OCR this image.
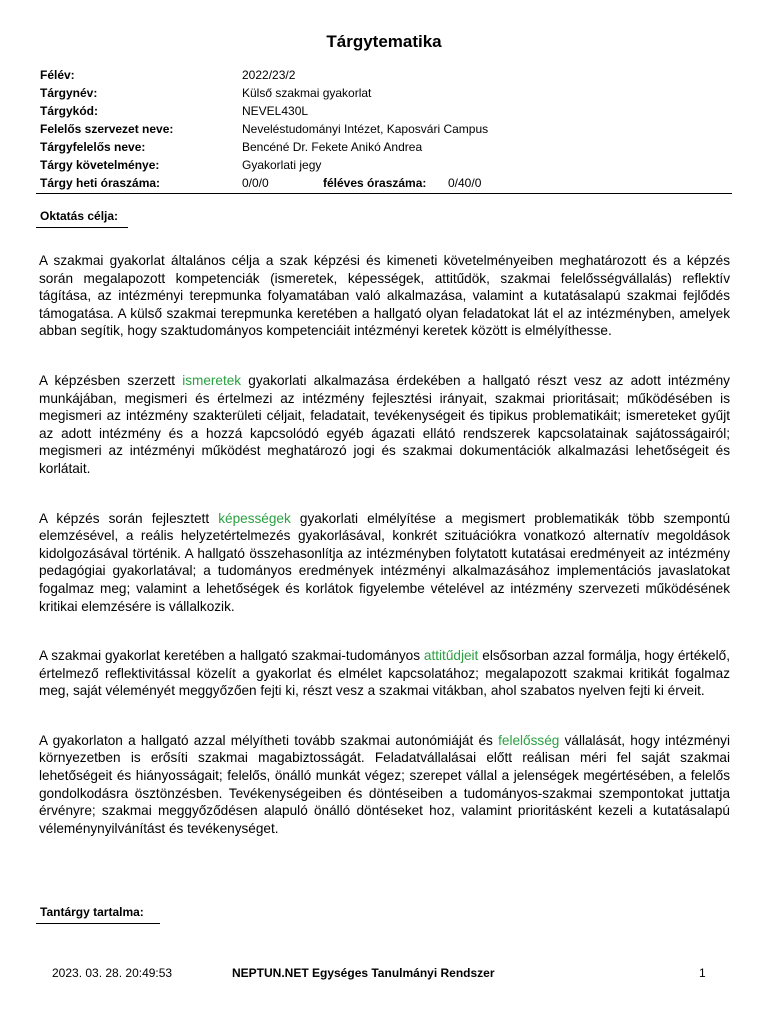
Tárgytematika
Félév:	2022/23/2
Tárgynév:	Külső szakmai gyakorlat
Tárgykód:	NEVEL430L
Felelős szervezet neve:	Neveléstudományi Intézet, Kaposvári Campus
Tárgyfelelős neve:	Bencéné Dr. Fekete Anikó Andrea
Tárgy követelménye:	Gyakorlati jegy
Tárgy heti óraszáma:	0/0/0	féléves óraszáma: 0/40/0
Oktatás célja:

A szakmai gyakorlat általános célja a szak képzési és kimeneti követelményeiben meghatározott és a képzés során megalapozott kompetenciák (ismeretek, képességek, attitűdök, szakmai felelősségvállalás) reflektív tágítása, az intézményi terepmunka folyamatában való alkalmazása, valamint a kutatásalapú szakmai fejlődés támogatása. A külső szakmai terepmunka keretében a hallgató olyan feladatokat lát el az intézményben, amelyek abban segítik, hogy szaktudományos kompetenciáit intézményi keretek között is elmélyíthesse.

A képzésben szerzett ismeretek gyakorlati alkalmazása érdekében a hallgató részt vesz az adott intézmény munkájában, megismeri és értelmezi az intézmény fejlesztési irányait, szakmai prioritásait; működésében is megismeri az intézmény szakterületi céljait, feladatait, tevékenységeit és tipikus problematikáit; ismereteket gyűjt az adott intézmény és a hozzá kapcsolódó egyéb ágazati ellátó rendszerek kapcsolatainak sajátosságairól; megismeri az intézményi működést meghatározó jogi és szakmai dokumentációk alkalmazási lehetőségeit és korlátait.

A képzés során fejlesztett képességek gyakorlati elmélyítése a megismert problematikák több szempontú elemzésével, a reális helyzetértelmezés gyakorlásával, konkrét szituációkra vonatkozó alternatív megoldások kidolgozásával történik. A hallgató összehasonlítja az intézményben folytatott kutatásai eredményeit az intézmény pedagógiai gyakorlatával; a tudományos eredmények intézményi alkalmazásához implementációs javaslatokat fogalmaz meg; valamint a lehetőségek és korlátok figyelembe vételével az intézmény szervezeti működésének kritikai elemzésére is vállalkozik.

A szakmai gyakorlat keretében a hallgató szakmai-tudományos attitűdjeit elsősorban azzal formálja, hogy értékelő, értelmező reflektivitással közelít a gyakorlat és elmélet kapcsolatához; megalapozott szakmai kritikát fogalmaz meg, saját véleményét meggyőzően fejti ki, részt vesz a szakmai vitákban, ahol szabatos nyelven fejti ki érveit.

A gyakorlaton a hallgató azzal mélyítheti tovább szakmai autonómiáját és felelősség vállalását, hogy intézményi környezetben is erősíti szakmai magabiztosságát. Feladatvállalásai előtt reálisan méri fel saját szakmai lehetőségeit és hiányosságait; felelős, önálló munkát végez; szerepet vállal a jelenségek megértésében, a felelős gondolkodásra ösztönzésben. Tevékenységeiben és döntéseiben a tudományos-szakmai szempontokat juttatja érvényre; szakmai meggyőződésen alapuló önálló döntéseket hoz, valamint prioritásként kezeli a kutatásalapú véleménynyilvánítást és tevékenységet.

Tantárgy tartalma:
2023. 03. 28. 20:49:53	NEPTUN.NET Egységes Tanulmányi Rendszer	1
